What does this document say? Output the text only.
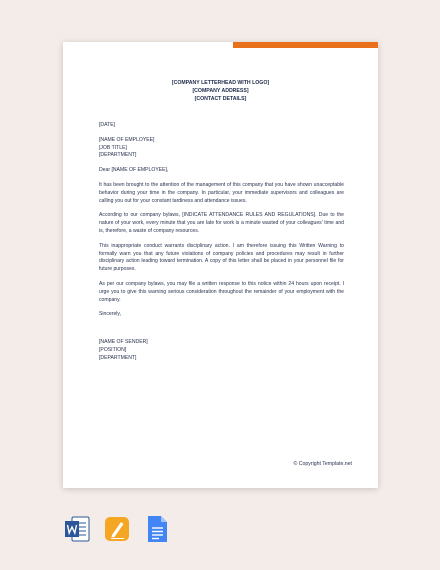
[COMPANY LETTERHEAD WITH LOGO]
[COMPANY ADDRESS]
[CONTACT DETAILS]
[DATE]
[NAME OF EMPLOYEE]
[JOB TITLE]
[DEPARTMENT]
Dear [NAME OF EMPLOYEE],

It has been brought to the attention of the management of this company that you have shown unacceptable behavior during your time in the company. In particular, your immediate supervisors and colleagues are calling you out for your constant tardiness and attendance issues.

According to our company bylaws, [INDICATE ATTENDANCE RULES AND REGULATIONS]. Due to the nature of your work, every minute that you are late for work is a minute wasted of your colleagues' time and is, therefore, a waste of company resources.

This inappropriate conduct warrants disciplinary action. I am therefore issuing this Written Warning to formally warn you that any future violations of company policies and procedures may result in further disciplinary action leading toward termination. A copy of this letter shall be placed in your personnel file for future purposes.

As per our company bylaws, you may file a written response to this notice within 24 hours upon receipt. I urge you to give this warning serious consideration throughout the remainder of your employment with the company.

Sincerely,
[NAME OF SENDER]
[POSITION]
[DEPARTMENT]
© Copyright Template.net
